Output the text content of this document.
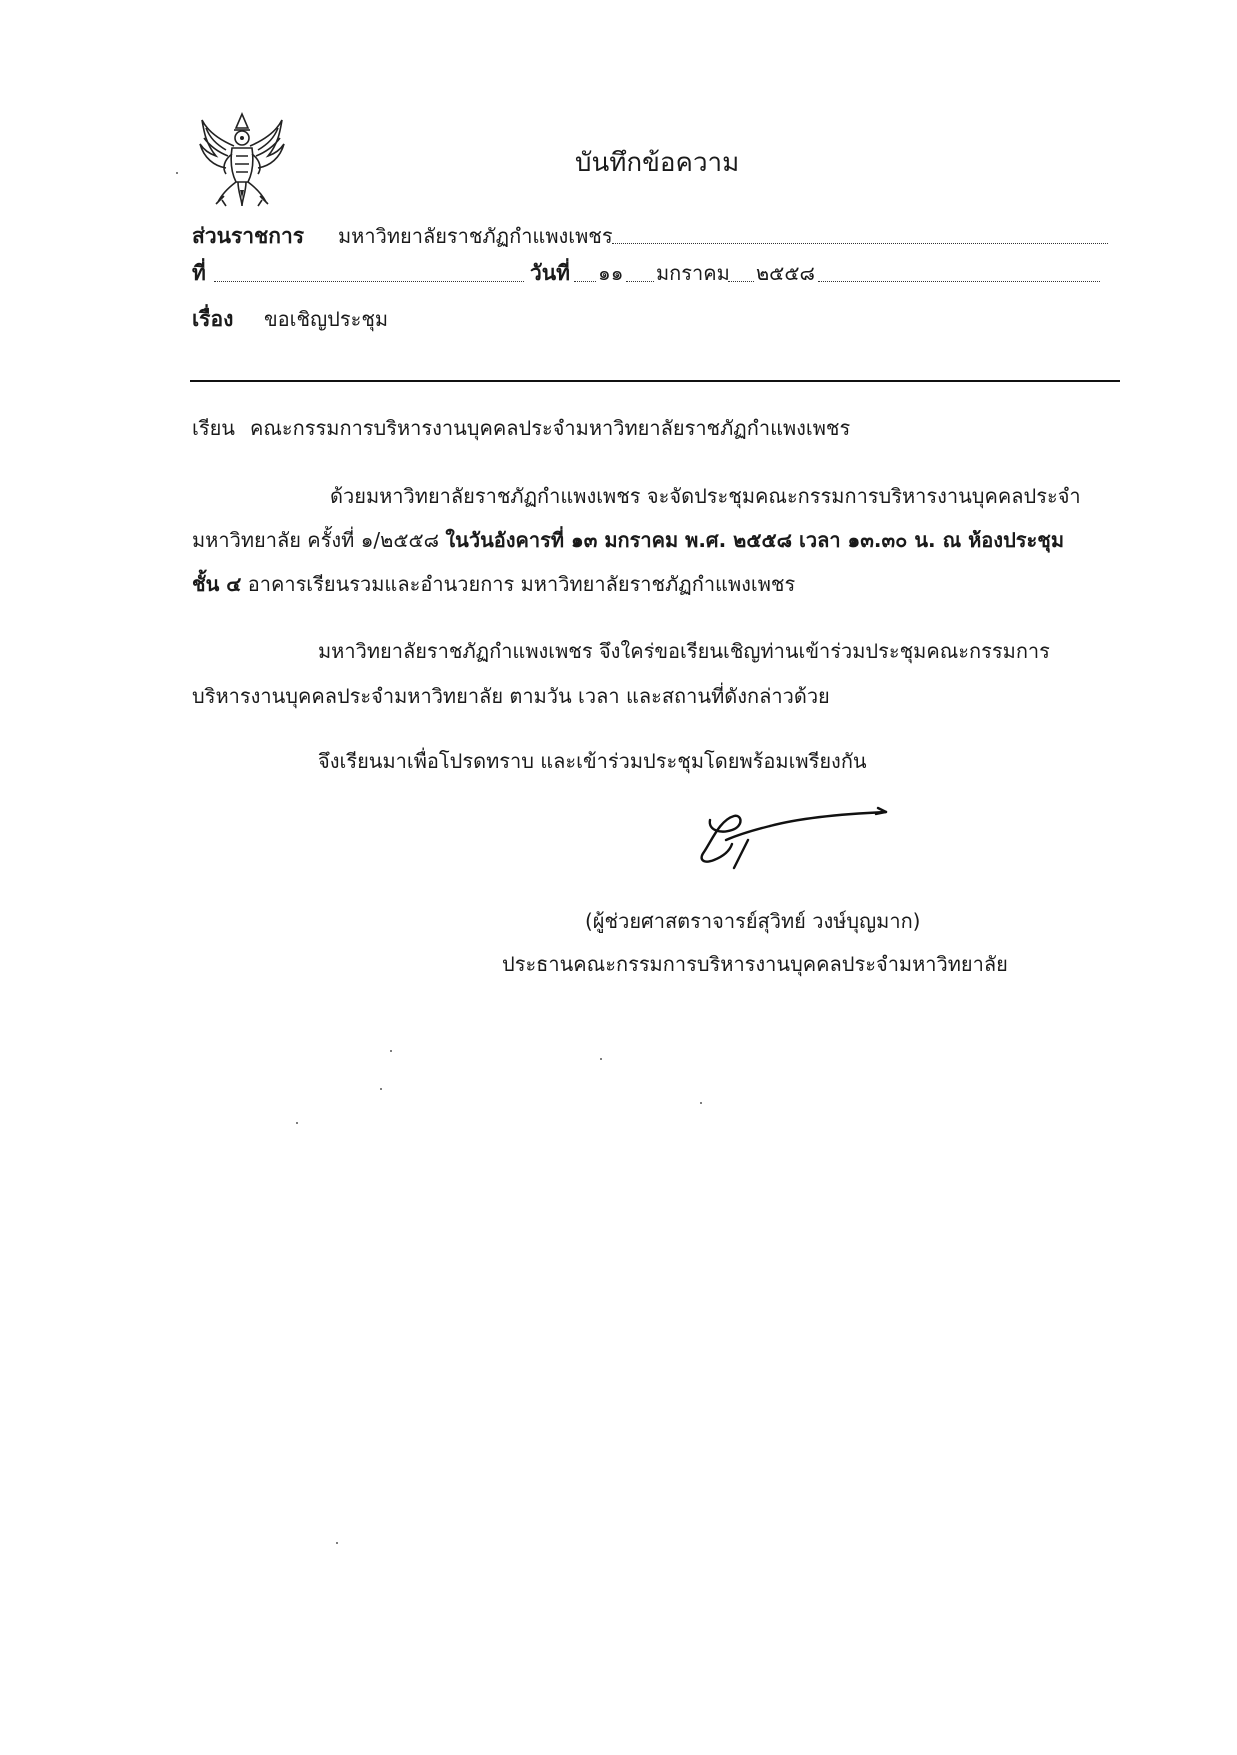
บันทึกข้อความ
ส่วนราชการ มหาวิทยาลัยราชภัฏกำแพงเพชร
ที่	วันที่ ๑๑ มกราคม ๒๕๕๘
เรื่อง ขอเชิญประชุม
เรียน คณะกรรมการบริหารงานบุคคลประจำมหาวิทยาลัยราชภัฏกำแพงเพชร
ด้วยมหาวิทยาลัยราชภัฏกำแพงเพชร จะจัดประชุมคณะกรรมการบริหารงานบุคคลประจำ
มหาวิทยาลัย ครั้งที่ ๑/๒๕๕๘ ในวันอังคารที่ ๑๓ มกราคม พ.ศ. ๒๕๕๘ เวลา ๑๓.๓๐ น. ณ ห้องประชุม
ชั้น ๔ อาคารเรียนรวมและอำนวยการ มหาวิทยาลัยราชภัฏกำแพงเพชร
มหาวิทยาลัยราชภัฏกำแพงเพชร จึงใคร่ขอเรียนเชิญท่านเข้าร่วมประชุมคณะกรรมการ
บริหารงานบุคคลประจำมหาวิทยาลัย ตามวัน เวลา และสถานที่ดังกล่าวด้วย
จึงเรียนมาเพื่อโปรดทราบ และเข้าร่วมประชุมโดยพร้อมเพรียงกัน
(ผู้ช่วยศาสตราจารย์สุวิทย์ วงษ์บุญมาก)
ประธานคณะกรรมการบริหารงานบุคคลประจำมหาวิทยาลัย
